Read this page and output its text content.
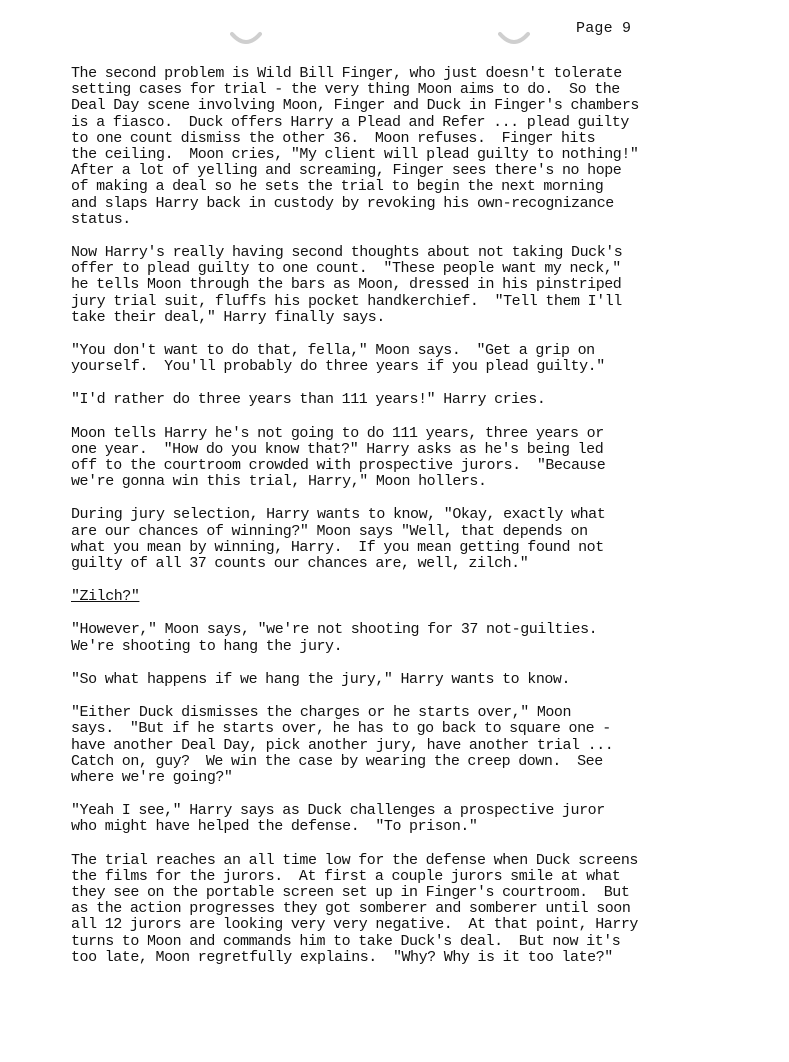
Page 9

The second problem is Wild Bill Finger, who just doesn't tolerate
setting cases for trial - the very thing Moon aims to do.  So the
Deal Day scene involving Moon, Finger and Duck in Finger's chambers
is a fiasco.  Duck offers Harry a Plead and Refer ... plead guilty
to one count dismiss the other 36.  Moon refuses.  Finger hits
the ceiling.  Moon cries, "My client will plead guilty to nothing!"
After a lot of yelling and screaming, Finger sees there's no hope
of making a deal so he sets the trial to begin the next morning
and slaps Harry back in custody by revoking his own-recognizance
status.

Now Harry's really having second thoughts about not taking Duck's
offer to plead guilty to one count.  "These people want my neck,"
he tells Moon through the bars as Moon, dressed in his pinstriped
jury trial suit, fluffs his pocket handkerchief.  "Tell them I'll
take their deal," Harry finally says.

"You don't want to do that, fella," Moon says.  "Get a grip on
yourself.  You'll probably do three years if you plead guilty."

"I'd rather do three years than 111 years!" Harry cries.

Moon tells Harry he's not going to do 111 years, three years or
one year.  "How do you know that?" Harry asks as he's being led
off to the courtroom crowded with prospective jurors.  "Because
we're gonna win this trial, Harry," Moon hollers.

During jury selection, Harry wants to know, "Okay, exactly what
are our chances of winning?" Moon says "Well, that depends on
what you mean by winning, Harry.  If you mean getting found not
guilty of all 37 counts our chances are, well, zilch."

"Zilch?"

"However," Moon says, "we're not shooting for 37 not-guilties.
We're shooting to hang the jury.

"So what happens if we hang the jury," Harry wants to know.

"Either Duck dismisses the charges or he starts over," Moon
says.  "But if he starts over, he has to go back to square one -
have another Deal Day, pick another jury, have another trial ...
Catch on, guy?  We win the case by wearing the creep down.  See
where we're going?"

"Yeah I see," Harry says as Duck challenges a prospective juror
who might have helped the defense.  "To prison."

The trial reaches an all time low for the defense when Duck screens
the films for the jurors.  At first a couple jurors smile at what
they see on the portable screen set up in Finger's courtroom.  But
as the action progresses they got somberer and somberer until soon
all 12 jurors are looking very very negative.  At that point, Harry
turns to Moon and commands him to take Duck's deal.  But now it's
too late, Moon regretfully explains.  "Why? Why is it too late?"
